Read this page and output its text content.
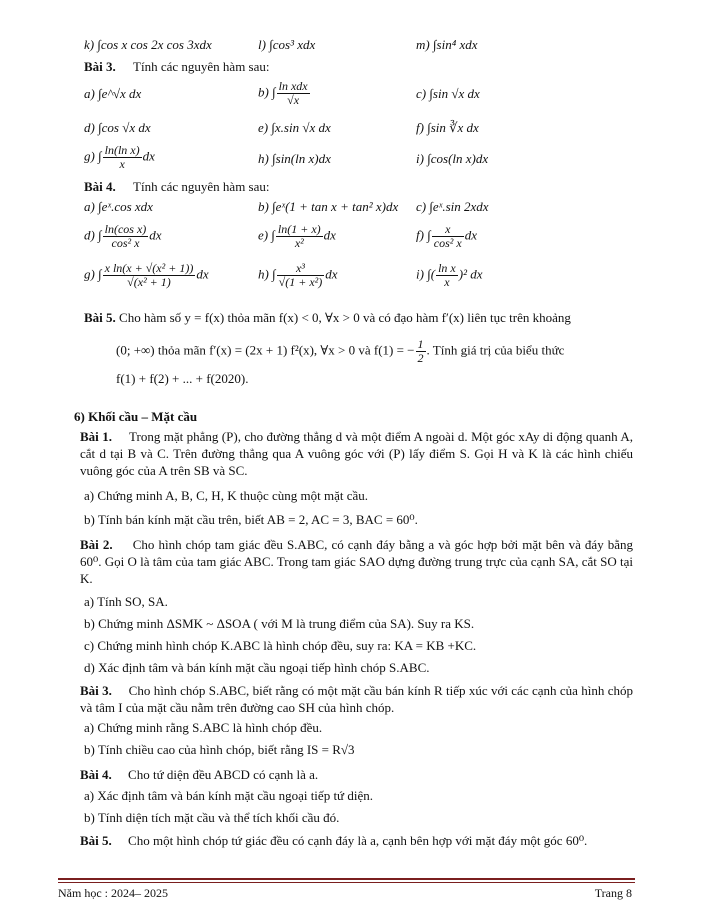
k) ∫cos x cos 2x cos 3xdx	l) ∫cos³ xdx	m) ∫sin⁴ xdx
Bài 3. Tính các nguyên hàm sau:
a) ∫e^√x dx	b) ∫ $\frac{\text{ln xdx}}{√x}$	c) ∫sin √x dx
d) ∫cos √x dx	e) ∫x.sin √x dx	f) ∫sin ∛x dx
g) ∫ $\frac{\text{ln(ln x)}}{x}$ dx	h) ∫sin(ln x)dx	i) ∫cos(ln x)dx
Bài 4. Tính các nguyên hàm sau:
a) ∫eˣ.cos xdx	b) ∫eˣ(1 + tan x + tan² x)dx c) ∫eˣ.sin 2xdx
d) ∫ $\frac{\text{ln(cos x)}}{\text{cos² x}}$ dx	e) ∫ $\frac{\ln(1 + x)}{\text{x²}}$ dx	f) ∫ $\frac{x}{\text{cos² x}}$ dx
g) ∫ $\frac{\text{x ln(x + √(x² + 1))}}{\text{√(x² + 1)}}$ dx	h) ∫ $\frac{\text{x³}}{\text{√(1 + x²)}}$ dx	i) ∫( $\frac{\text{ln x}}{x} )^2$ dx
Bài 5. Cho hàm số y = f(x) thỏa mãn f(x) < 0, ∀x > 0 và có đạo hàm f′(x) liên tục trên khoảng
(0; +∞) thỏa mãn f′(x) = (2x + 1) f²(x), ∀x > 0 và f(1) = − $\frac{1}{2}$ . Tính giá trị của biểu thức
f(1) + f(2) + ... + f(2020).
6) Khối cầu – Mặt cầu
Bài 1. Trong mặt phẳng (P), cho đường thẳng d và một điểm A ngoài d. Một góc xAy di động quanh A, cắt d tại B và C. Trên đường thẳng qua A vuông góc với (P) lấy điểm S. Gọi H và K là các hình chiếu vuông góc của A trên SB và SC.
a) Chứng minh A, B, C, H, K thuộc cùng một mặt cầu.
b) Tính bán kính mặt cầu trên, biết AB = 2, AC = 3, BAC = 60⁰.
Bài 2. Cho hình chóp tam giác đều S.ABC, có cạnh đáy bằng a và góc hợp bởi mặt bên và đáy bằng 60⁰. Gọi O là tâm của tam giác ABC. Trong tam giác SAO dựng đường trung trực của cạnh SA, cắt SO tại K.
a) Tính SO, SA.
b) Chứng minh ΔSMK ~ ΔSOA ( với M là trung điểm của SA). Suy ra KS.
c) Chứng minh hình chóp K.ABC là hình chóp đều, suy ra: KA = KB +KC.
d) Xác định tâm và bán kính mặt cầu ngoại tiếp hình chóp S.ABC.
Bài 3. Cho hình chóp S.ABC, biết rằng có một mặt cầu bán kính R tiếp xúc với các cạnh của hình chóp và tâm I của mặt cầu nằm trên đường cao SH của hình chóp.
a) Chứng minh rằng S.ABC là hình chóp đều.
b) Tính chiều cao của hình chóp, biết rằng IS = R√3
Bài 4. Cho tứ diện đều ABCD có cạnh là a.
a) Xác định tâm và bán kính mặt cầu ngoại tiếp tứ diện.
b) Tính diện tích mặt cầu và thể tích khối cầu đó.
Bài 5. Cho một hình chóp tứ giác đều có cạnh đáy là a, cạnh bên hợp với mặt đáy một góc 60⁰.
Năm học : 2024– 2025	Trang 8
